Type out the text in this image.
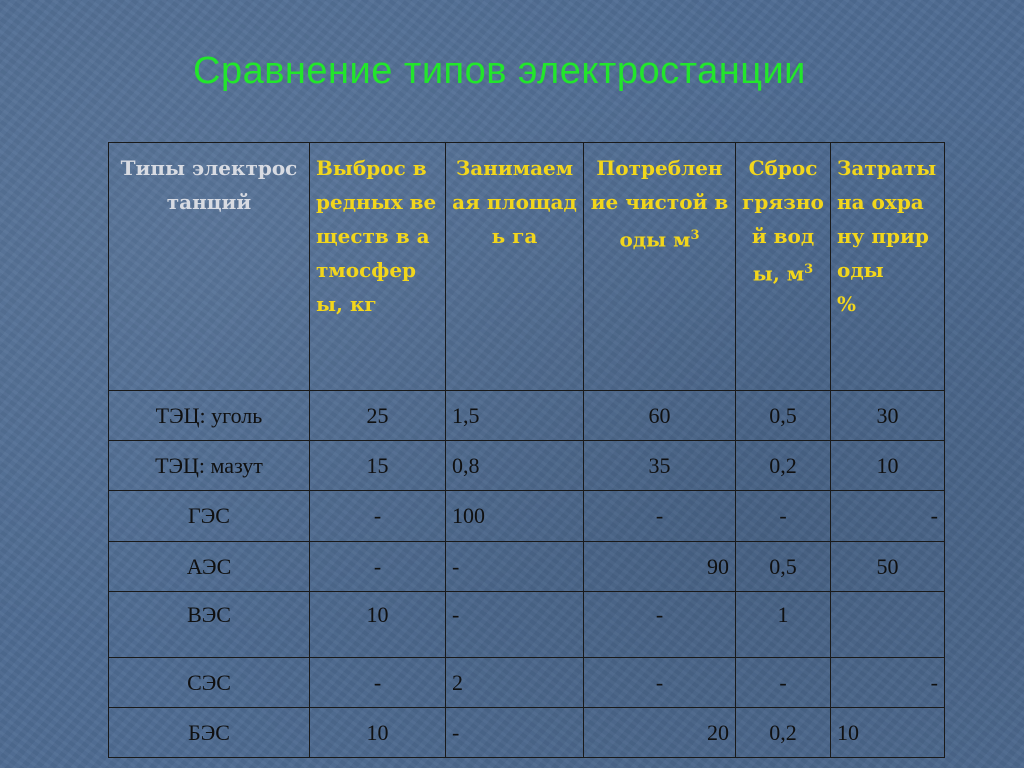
Сравнение типов электростанции
Типы электростанций	Выброс вредных веществ в атмосферы, кг	Занимаемая площадь га	Потребление чистой воды $м^3$	Сброс грязной воды, $м^3$	Затраты на охрану природы
%
ТЭЦ: уголь	25	1,5	60	0,5	30
ТЭЦ: мазут	15	0,8	35	0,2	10
ГЭС	-	100	-	-	-
АЭС	-	-	90	0,5	50
ВЭС	10	-	-	1	
СЭС	-	2	-	-	-
БЭС	10	-	20	0,2	10
